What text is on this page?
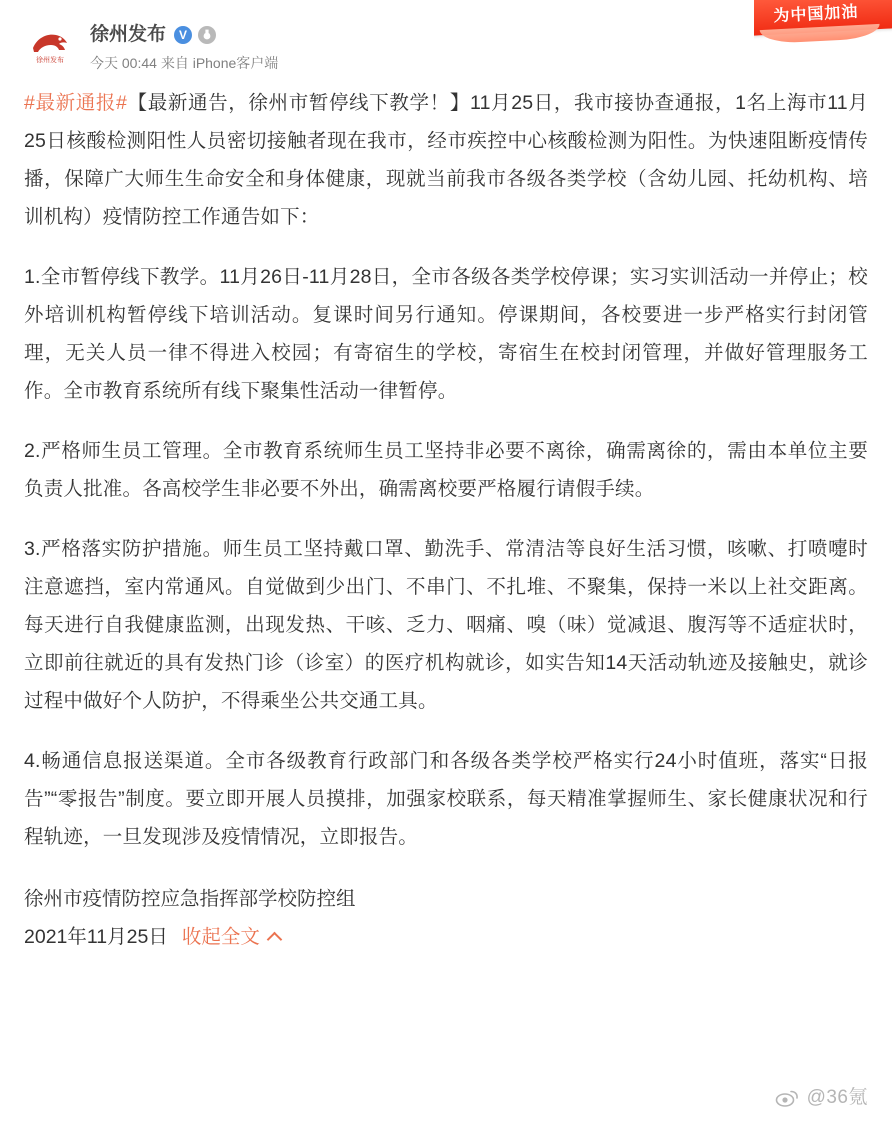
为中国加油
徐州发布
徐州发布	V
今天 00:44 来自 iPhone客户端

#最新通报#【最新通告，徐州市暂停线下教学！】11月25日，我市接协查通报，1名上海市11月25日核酸检测阳性人员密切接触者现在我市，经市疾控中心核酸检测为阳性。为快速阻断疫情传播，保障广大师生生命安全和身体健康，现就当前我市各级各类学校（含幼儿园、托幼机构、培训机构）疫情防控工作通告如下：

1.全市暂停线下教学。11月26日-11月28日，全市各级各类学校停课；实习实训活动一并停止；校外培训机构暂停线下培训活动。复课时间另行通知。停课期间，各校要进一步严格实行封闭管理，无关人员一律不得进入校园；有寄宿生的学校，寄宿生在校封闭管理，并做好管理服务工作。全市教育系统所有线下聚集性活动一律暂停。

2.严格师生员工管理。全市教育系统师生员工坚持非必要不离徐，确需离徐的，需由本单位主要负责人批准。各高校学生非必要不外出，确需离校要严格履行请假手续。

3.严格落实防护措施。师生员工坚持戴口罩、勤洗手、常清洁等良好生活习惯，咳嗽、打喷嚏时注意遮挡，室内常通风。自觉做到少出门、不串门、不扎堆、不聚集，保持一米以上社交距离。每天进行自我健康监测，出现发热、干咳、乏力、咽痛、嗅（味）觉减退、腹泻等不适症状时，立即前往就近的具有发热门诊（诊室）的医疗机构就诊，如实告知14天活动轨迹及接触史，就诊过程中做好个人防护，不得乘坐公共交通工具。

4.畅通信息报送渠道。全市各级教育行政部门和各级各类学校严格实行24小时值班，落实“日报告”“零报告”制度。要立即开展人员摸排，加强家校联系，每天精准掌握师生、家长健康状况和行程轨迹，一旦发现涉及疫情情况，立即报告。

徐州市疫情防控应急指挥部学校防控组
2021年11月25日 收起全文
@36氪
